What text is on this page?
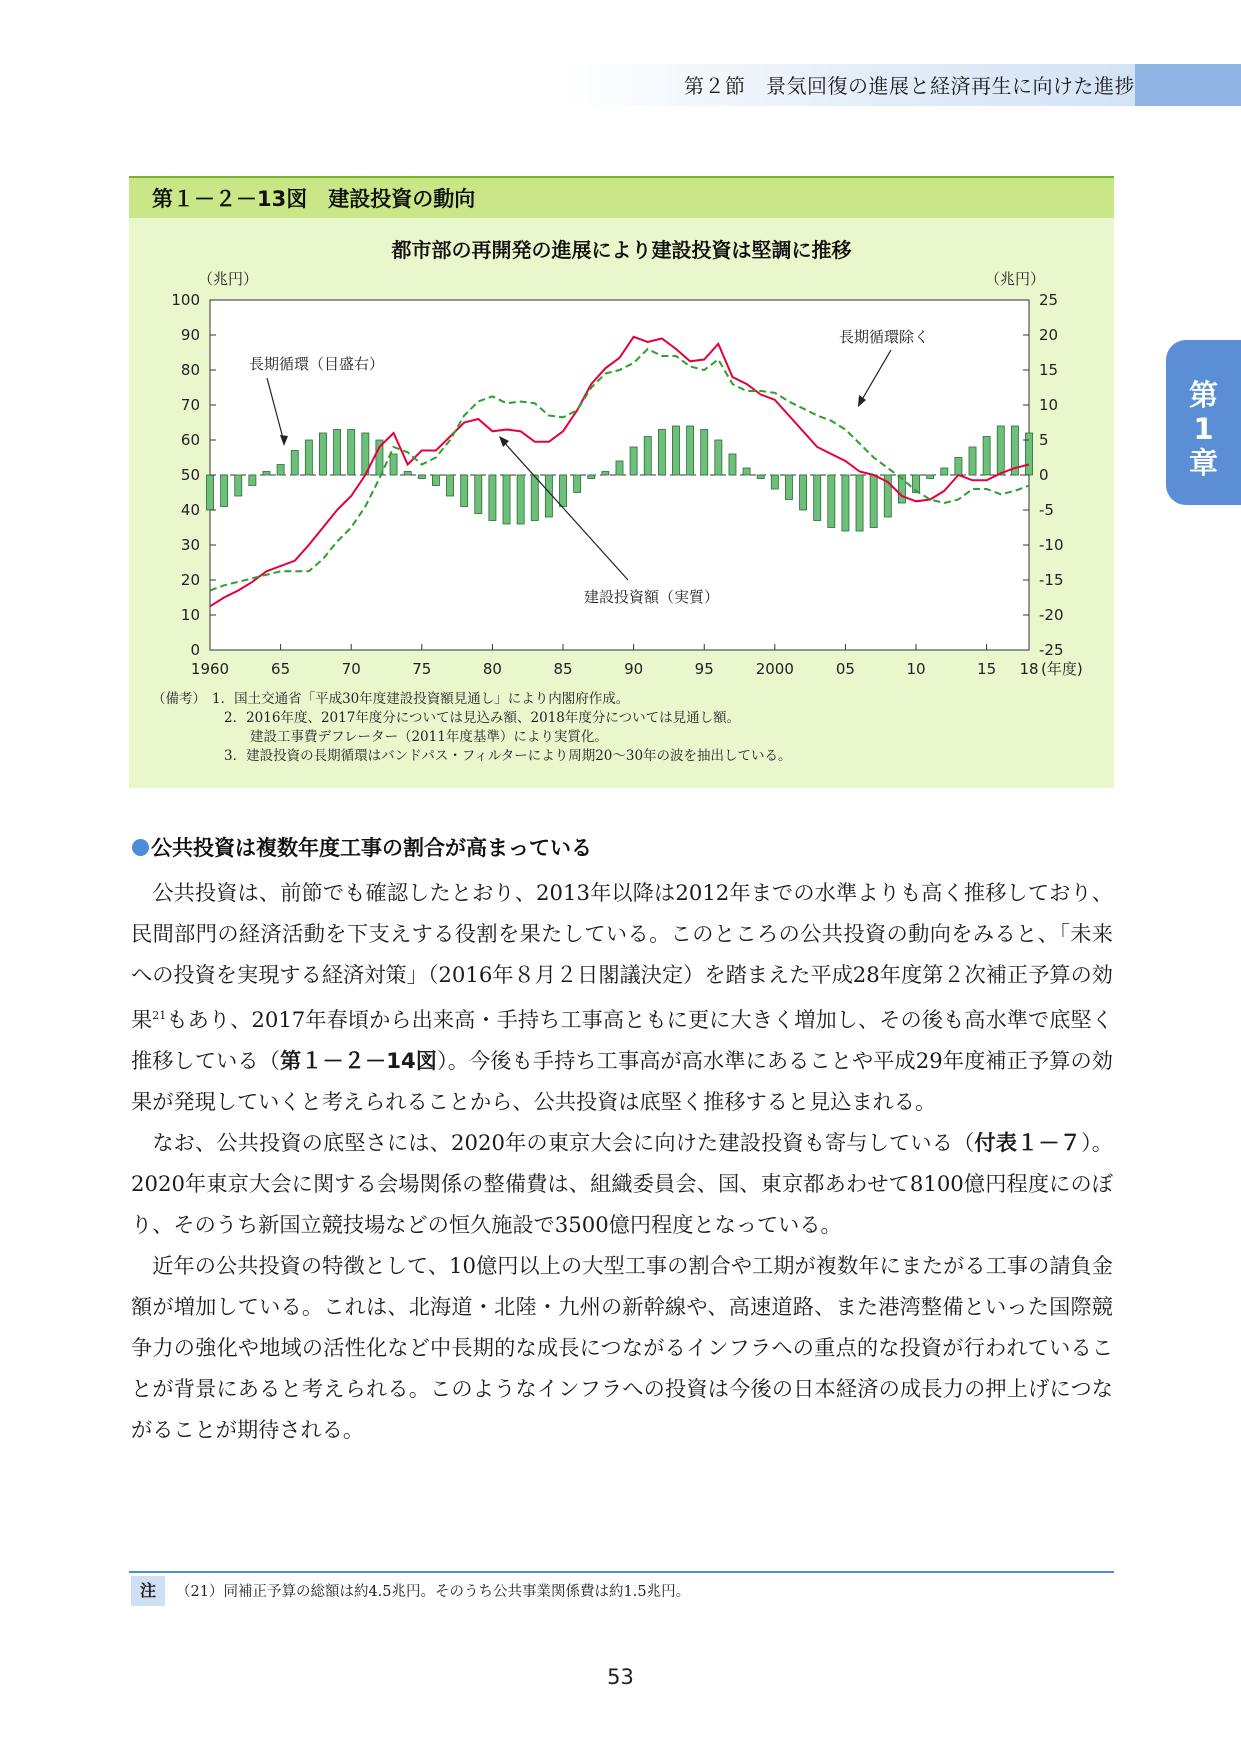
第２節　景気回復の進展と経済再生に向けた進捗
第
1
章
第１－２－13図　建設投資の動向
都市部の再開発の進展により建設投資は堅調に推移
（兆円）	（兆円）
0
10
20
30
40
50
60
70
80
90
100
-25
-20
-15
-10
-5
0
5
10
15
20
25
1960	65	70	75	80	85	90	95	2000	05	10	15 18 (年度)
長期循環（目盛右）
長期循環除く
建設投資額（実質）
（備考） 1．国土交通省「平成30年度建設投資額見通し」により内閣府作成。
2．2016年度、2017年度分については見込み額、2018年度分については見通し額。
建設工事費デフレーター（2011年度基準）により実質化。
3．建設投資の長期循環はバンドパス・フィルターにより周期20～30年の波を抽出している。
公共投資は複数年度工事の割合が高まっている

　公共投資は、前節でも確認したとおり、2013年以降は2012年までの水準よりも高く推移しており、民間部門の経済活動を下支えする役割を果たしている。このところの公共投資の動向をみると、「未来への投資を実現する経済対策」（2016年８月２日閣議決定）を踏まえた平成28年度第２次補正予算の効果$^{21}$もあり、2017年春頃から出来高・手持ち工事高ともに更に大きく増加し、その後も高水準で底堅く推移している（第１－２－14図）。今後も手持ち工事高が高水準にあることや平成29年度補正予算の効果が発現していくと考えられることから、公共投資は底堅く推移すると見込まれる。

　なお、公共投資の底堅さには、2020年の東京大会に向けた建設投資も寄与している（付表１－７）。2020年東京大会に関する会場関係の整備費は、組織委員会、国、東京都あわせて8100億円程度にのぼり、そのうち新国立競技場などの恒久施設で3500億円程度となっている。

　近年の公共投資の特徴として、10億円以上の大型工事の割合や工期が複数年にまたがる工事の請負金額が増加している。これは、北海道・北陸・九州の新幹線や、高速道路、また港湾整備といった国際競争力の強化や地域の活性化など中長期的な成長につながるインフラへの重点的な投資が行われていることが背景にあると考えられる。このようなインフラへの投資は今後の日本経済の成長力の押上げにつながることが期待される。

注	（21）同補正予算の総額は約4.5兆円。そのうち公共事業関係費は約1.5兆円。
53
